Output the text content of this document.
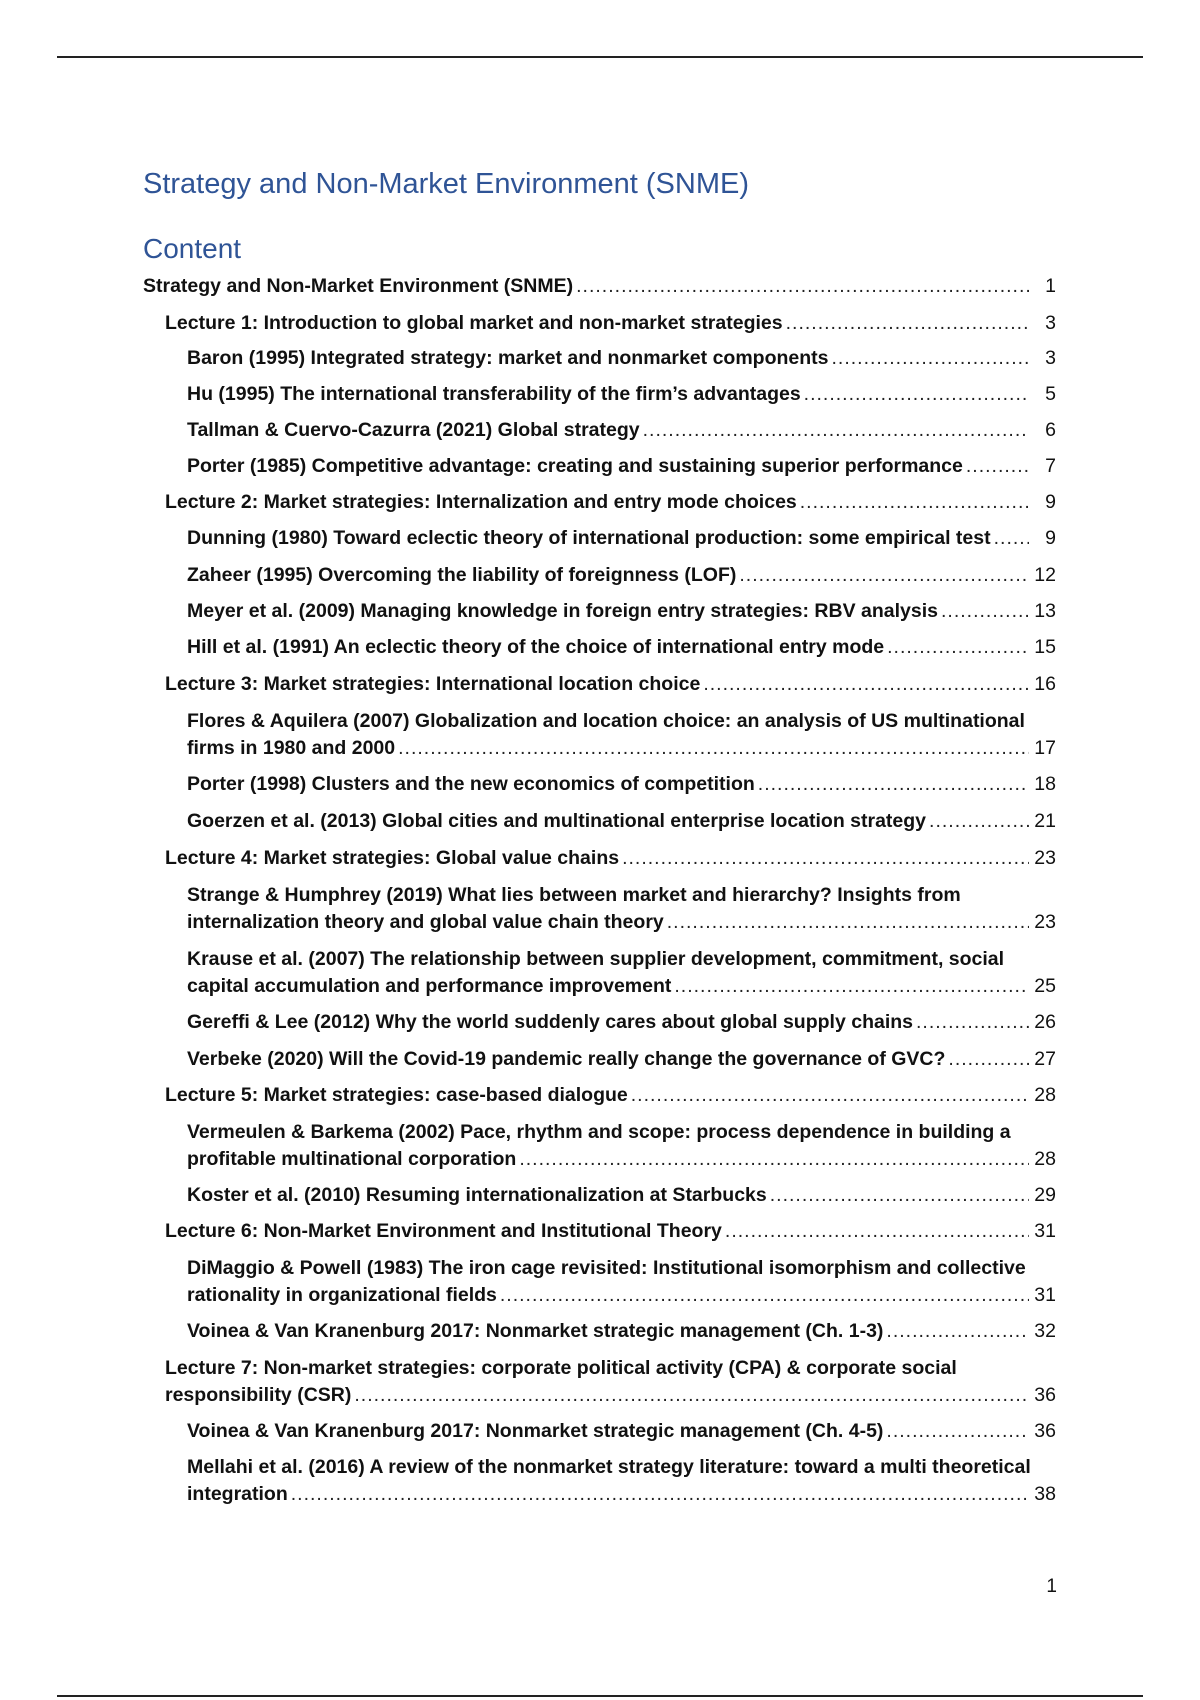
Strategy and Non-Market Environment (SNME)
Content
Strategy and Non-Market Environment (SNME) .....	1
Lecture 1: Introduction to global market and non-market strategies .....	3
Baron (1995) Integrated strategy: market and nonmarket components .....	3
Hu (1995) The international transferability of the firm’s advantages .....	5
Tallman & Cuervo-Cazurra (2021) Global strategy .....	6
Porter (1985) Competitive advantage: creating and sustaining superior performance .....	7
Lecture 2: Market strategies: Internalization and entry mode choices .....	9
Dunning (1980) Toward eclectic theory of international production: some empirical test .....	9
Zaheer (1995) Overcoming the liability of foreignness (LOF) .....	12
Meyer et al. (2009) Managing knowledge in foreign entry strategies: RBV analysis .....	13
Hill et al. (1991) An eclectic theory of the choice of international entry mode .....	15
Lecture 3: Market strategies: International location choice .....	16
Flores & Aquilera (2007) Globalization and location choice: an analysis of US multinational
firms in 1980 and 2000 .....	17
Porter (1998) Clusters and the new economics of competition .....	18
Goerzen et al. (2013) Global cities and multinational enterprise location strategy .....	21
Lecture 4: Market strategies: Global value chains .....	23
Strange & Humphrey (2019) What lies between market and hierarchy? Insights from
internalization theory and global value chain theory .....	23
Krause et al. (2007) The relationship between supplier development, commitment, social
capital accumulation and performance improvement .....	25
Gereffi & Lee (2012) Why the world suddenly cares about global supply chains .....	26
Verbeke (2020) Will the Covid-19 pandemic really change the governance of GVC? .....	27
Lecture 5: Market strategies: case-based dialogue .....	28
Vermeulen & Barkema (2002) Pace, rhythm and scope: process dependence in building a
profitable multinational corporation .....	28
Koster et al. (2010) Resuming internationalization at Starbucks .....	29
Lecture 6: Non-Market Environment and Institutional Theory .....	31
DiMaggio & Powell (1983) The iron cage revisited: Institutional isomorphism and collective
rationality in organizational fields .....	31
Voinea & Van Kranenburg 2017: Nonmarket strategic management (Ch. 1-3) .....	32
Lecture 7: Non-market strategies: corporate political activity (CPA) & corporate social
responsibility (CSR) .....	36
Voinea & Van Kranenburg 2017: Nonmarket strategic management (Ch. 4-5) .....	36
Mellahi et al. (2016) A review of the nonmarket strategy literature: toward a multi theoretical
integration .....	38
1
